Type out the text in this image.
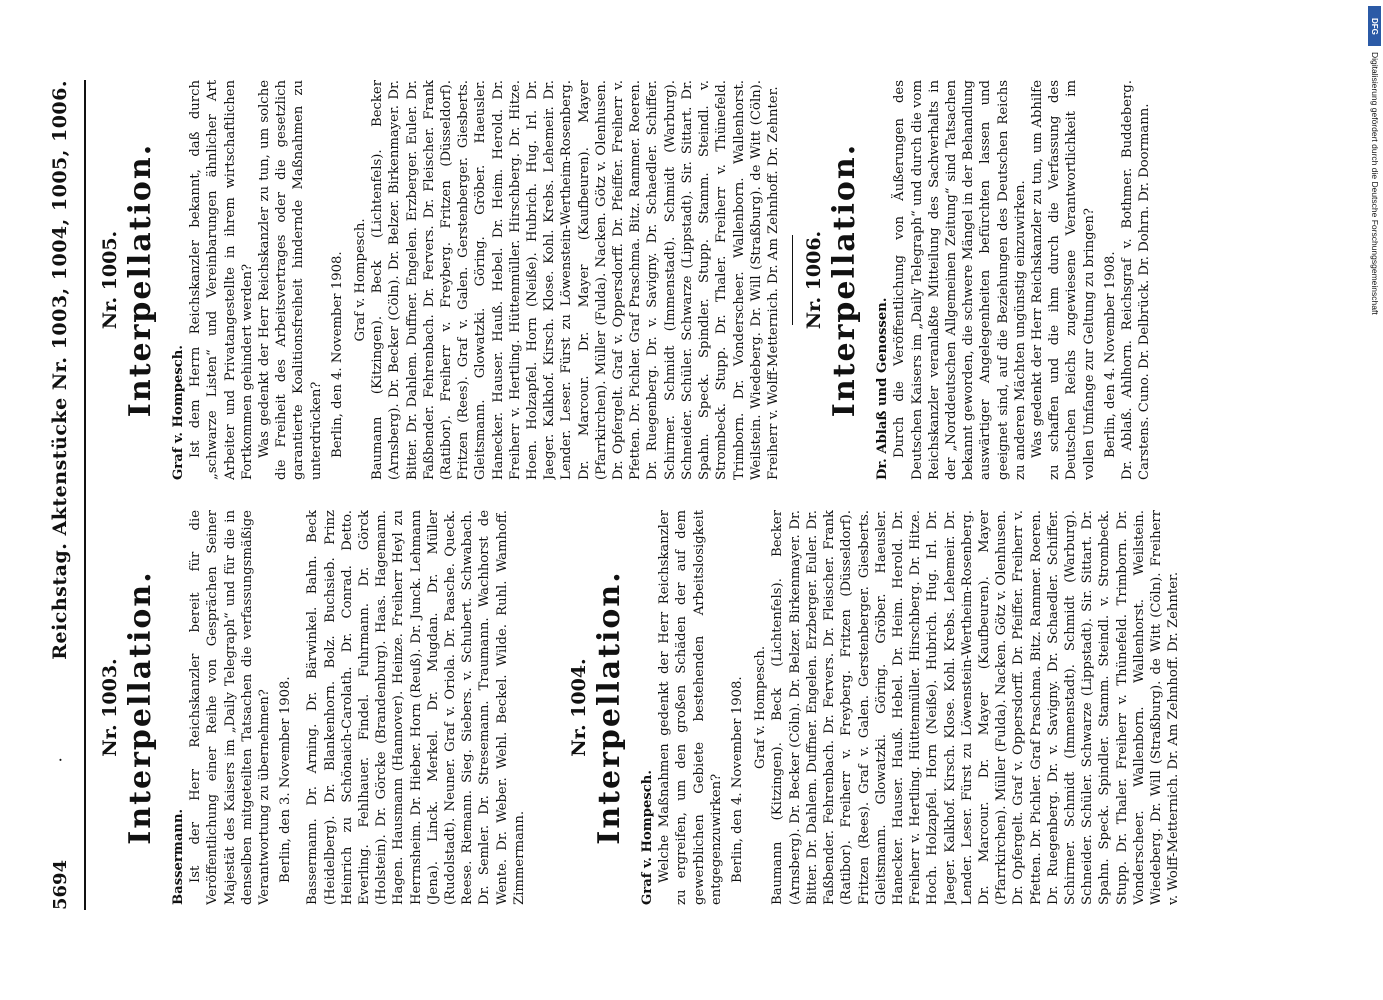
DFG
Digitalisierung gefördert durch die Deutsche Forschungsgemeinschaft
5694
·
Reichstag. Aktenstücke Nr. 1003, 1004, 1005, 1006.
Nr. 1003. Interpellation.

Bassermann. Ist der Herr Reichskanzler bereit für die Veröffentlichung einer Reihe von Gesprächen Seiner Majestät des Kaisers im „Daily Telegraph“ und für die in denselben mitgeteilten Tatsachen die verfassungsmäßige Verantwortung zu übernehmen? Berlin, den 3. November 1908. Bassermann. Dr. Arning. Dr. Bärwinkel. Bahn. Beck (Heidelberg). Dr. Blankenhorn. Bolz. Buchsieb. Prinz Heinrich zu Schönaich-Carolath. Dr. Conrad. Detto. Everling. Fehlhauer. Findel. Fuhrmann. Dr. Görck (Holstein). Dr. Görcke (Brandenburg). Haas. Hagemann. Hagen. Hausmann (Hannover). Heinze. Freiherr Heyl zu Herrnsheim. Dr. Hieber. Horn (Reuß). Dr. Junck. Lehmann (Jena). Linck. Merkel. Dr. Mugdan. Dr. Müller (Rudolstadt). Neuner. Graf v. Oriola. Dr. Paasche. Queck. Reese. Riemann. Sieg. Siebers. v. Schubert. Schwabach. Dr. Semler. Dr. Stresemann. Traumann. Wachhorst de Wente. Dr. Weber. Wehl. Beckel. Wilde. Ruhl. Wamhoff. Zimmermann.

Nr. 1004. Interpellation. Graf v. Hompesch. Welche Maßnahmen gedenkt der Herr Reichskanzler zu ergreifen, um den großen Schäden der auf dem gewerblichen Gebiete bestehenden Arbeitslosigkeit entgegenzuwirken? Berlin, den 4. November 1908. Graf v. Hompesch. Baumann (Kitzingen). Beck (Lichtenfels). Becker (Arnsberg). Dr. Becker (Cöln). Dr. Belzer. Birkenmayer. Dr. Bitter. Dr. Dahlem. Duffner. Engelen. Erzberger. Euler. Dr. Faßbender. Fehrenbach. Dr. Fervers. Dr. Fleischer. Frank (Ratibor). Freiherr v. Freyberg. Fritzen (Düsseldorf). Fritzen (Rees). Graf v. Galen. Gerstenberger. Giesberts. Gleitsmann. Glowatzki. Göring. Gröber. Haeusler. Hanecker. Hauser. Hauß. Hebel. Dr. Heim. Herold. Dr. Freiherr v. Hertling. Hüttenmüller. Hirschberg. Dr. Hitze. Hoch. Holzapfel. Horn (Neiße). Hubrich. Hug. Irl. Dr. Jaeger. Kalkhof. Kirsch. Klose. Kohl. Krebs. Lehemeir. Dr. Lender. Leser. Fürst zu Löwenstein-Wertheim-Rosenberg. Dr. Marcour. Dr. Mayer (Kaufbeuren). Mayer (Pfarrkirchen). Müller (Fulda). Nacken. Götz v. Olenhusen. Dr. Opfergelt. Graf v. Oppersdorff. Dr. Pfeiffer. Freiherr v. Pfetten. Dr. Pichler. Graf Praschma. Bitz. Rammer. Roeren. Dr. Ruegenberg. Dr. v. Savigny. Dr. Schaedler. Schiffer. Schirmer. Schmidt (Immenstadt). Schmidt (Warburg). Schneider. Schüler. Schwarze (Lippstadt). Sir. Sittart. Dr. Spahn. Speck. Spindler. Stamm. Steindl. v. Strombeck. Stupp. Dr. Thaler. Freiherr v. Thünefeld. Trimborn. Dr. Vonderscheer. Wallenborn. Wallenhorst. Weilstein. Wiedeberg. Dr. Will (Straßburg). de Witt (Cöln). Freiherr v. Wolff-Metternich. Dr. Am Zehnhoff. Dr. Zehnter.

Nr. 1005. Interpellation. Graf v. Hompesch. Ist dem Herrn Reichskanzler bekannt, daß durch „schwarze Listen“ und Vereinbarungen ähnlicher Art Arbeiter und Privatangestellte in ihrem wirtschaftlichen Fortkommen gehindert werden? Was gedenkt der Herr Reichskanzler zu tun, um solche die Freiheit des Arbeitsvertrages oder die gesetzlich garantierte Koalitionsfreiheit hindernde Maßnahmen zu unterdrücken? Berlin, den 4. November 1908. Graf v. Hompesch. Baumann (Kitzingen). Beck (Lichtenfels). Becker (Arnsberg). Dr. Becker (Cöln). Dr. Belzer. Birkenmayer. Dr. Bitter. Dr. Dahlem. Duffner. Engelen. Erzberger. Euler. Dr. Faßbender. Fehrenbach. Dr. Fervers. Dr. Fleischer. Frank (Ratibor). Freiherr v. Freyberg. Fritzen (Düsseldorf). Fritzen (Rees). Graf v. Galen. Gerstenberger. Giesberts. Gleitsmann. Glowatzki. Göring. Gröber. Haeusler. Hanecker. Hauser. Hauß. Hebel. Dr. Heim. Herold. Dr. Freiherr v. Hertling. Hüttenmüller. Hirschberg. Dr. Hitze. Hoen. Holzapfel. Horn (Neiße). Hubrich. Hug. Irl. Dr. Jaeger. Kalkhof. Kirsch. Klose. Kohl. Krebs. Lehemeir. Dr. Lender. Leser. Fürst zu Löwenstein-Wertheim-Rosenberg. Dr. Marcour. Dr. Mayer (Kaufbeuren). Mayer (Pfarrkirchen). Müller (Fulda). Nacken. Götz v. Olenhusen. Dr. Opfergelt. Graf v. Oppersdorff. Dr. Pfeiffer. Freiherr v. Pfetten. Dr. Pichler. Graf Praschma. Bitz. Rammer. Roeren. Dr. Ruegenberg. Dr. v. Savigny. Dr. Schaedler. Schiffer. Schirmer. Schmidt (Immenstadt). Schmidt (Warburg). Schneider. Schüler. Schwarze (Lippstadt). Sir. Sittart. Dr. Spahn. Speck. Spindler. Stupp. Stamm. Steindl. v. Strombeck. Stupp. Dr. Thaler. Freiherr v. Thünefeld. Trimborn. Dr. Vonderscheer. Wallenborn. Wallenhorst. Weilstein. Wiedeberg. Dr. Will (Straßburg). de Witt (Cöln). Freiherr v. Wolff-Metternich. Dr. Am Zehnhoff. Dr. Zehnter. Nr. 1006. Interpellation. Dr. Ablaß und Genossen. Durch die Veröffentlichung von Äußerungen des Deutschen Kaisers im „Daily Telegraph“ und durch die vom Reichskanzler veranlaßte Mitteilung des Sachverhalts in der „Norddeutschen Allgemeinen Zeitung“ sind Tatsachen bekannt geworden, die schwere Mängel in der Behandlung auswärtiger Angelegenheiten befürchten lassen und geeignet sind, auf die Beziehungen des Deutschen Reichs zu anderen Mächten ungünstig einzuwirken. Was gedenkt der Herr Reichskanzler zu tun, um Abhilfe zu schaffen und die ihm durch die Verfassung des Deutschen Reichs zugewiesene Verantwortlichkeit im vollen Umfange zur Geltung zu bringen? Berlin, den 4. November 1908. Dr. Ablaß. Ahlhorn. Reichsgraf v. Bothmer. Buddeberg. Carstens. Cuno. Dr. Delbrück. Dr. Dohrn. Dr. Doormann.
